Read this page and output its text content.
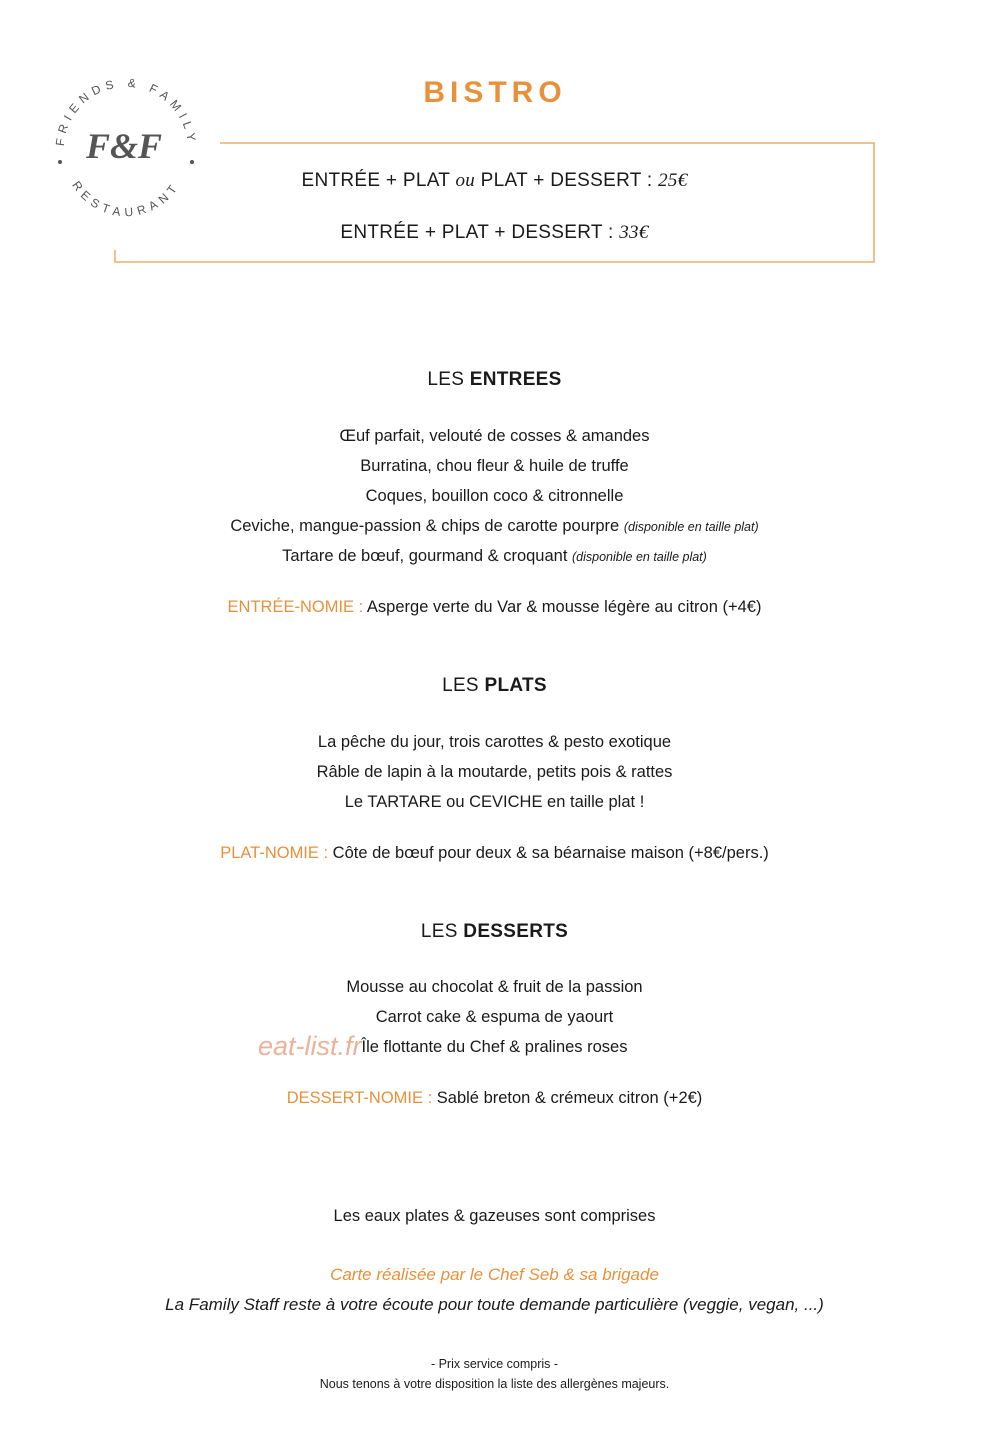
FRIENDS & FAMILY
RESTAURANT
F&F
BISTRO
ENTRÉE + PLAT ou PLAT + DESSERT : 25€
ENTRÉE + PLAT + DESSERT : 33€
LES ENTREES
Œuf parfait, velouté de cosses & amandes
Burratina, chou fleur & huile de truffe
Coques, bouillon coco & citronnelle
Ceviche, mangue-passion & chips de carotte pourpre (disponible en taille plat)
Tartare de bœuf, gourmand & croquant (disponible en taille plat)
ENTRÉE-NOMIE : Asperge verte du Var & mousse légère au citron (+4€)
LES PLATS
La pêche du jour, trois carottes & pesto exotique
Râble de lapin à la moutarde, petits pois & rattes
Le TARTARE ou CEVICHE en taille plat !
PLAT-NOMIE : Côte de bœuf pour deux & sa béarnaise maison (+8€/pers.)
LES DESSERTS
Mousse au chocolat & fruit de la passion
Carrot cake & espuma de yaourt
Île flottante du Chef & pralines roses
DESSERT-NOMIE : Sablé breton & crémeux citron (+2€)
eat-list.fr
Les eaux plates & gazeuses sont comprises
Carte réalisée par le Chef Seb & sa brigade
La Family Staff reste à votre écoute pour toute demande particulière (veggie, vegan, ...)
- Prix service compris -
Nous tenons à votre disposition la liste des allergènes majeurs.
